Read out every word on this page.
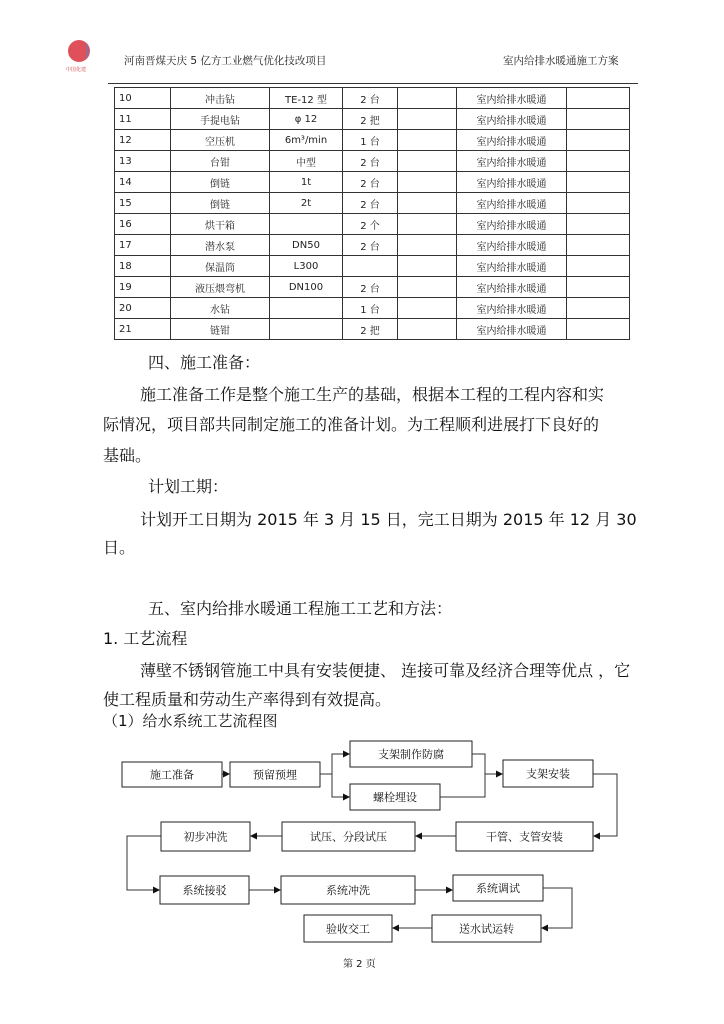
中国化建
河南晋煤天庆 5 亿方工业燃气优化技改项目	室内给排水暖通施工方案
10	冲击钻	TE-12 型	2 台		室内给排水暖通	
11	手提电钻	φ 12	2 把		室内给排水暖通	
12	空压机	6m³/min	1 台		室内给排水暖通	
13	台钳	中型	2 台		室内给排水暖通	
14	倒链	1t	2 台		室内给排水暖通	
15	倒链	2t	2 台		室内给排水暖通	
16	烘干箱		2 个		室内给排水暖通	
17	潜水泵	DN50	2 台		室内给排水暖通	
18	保温筒	L300			室内给排水暖通	
19	液压煨弯机	DN100	2 台		室内给排水暖通	
20	水钻		1 台		室内给排水暖通	
21	链钳		2 把		室内给排水暖通	
四、施工准备：
施工准备工作是整个施工生产的基础，根据本工程的工程内容和实
际情况，项目部共同制定施工的准备计划。为工程顺利进展打下良好的
基础。
计划工期：
计划开工日期为 2015 年 3 月 15 日，完工日期为 2015 年 12 月 30
日。
五、室内给排水暖通工程施工工艺和方法：
1. 工艺流程
薄壁不锈钢管施工中具有安装便捷、 连接可靠及经济合理等优点 ，它
使工程质量和劳动生产率得到有效提高。
（1）给水系统工艺流程图
施工准备	预留预埋
支架制作防腐
螺栓埋设
支架安装
初步冲洗	试压、分段试压	干管、支管安装
系统接驳	系统冲洗	系统调试
验收交工	送水试运转
第 2 页
